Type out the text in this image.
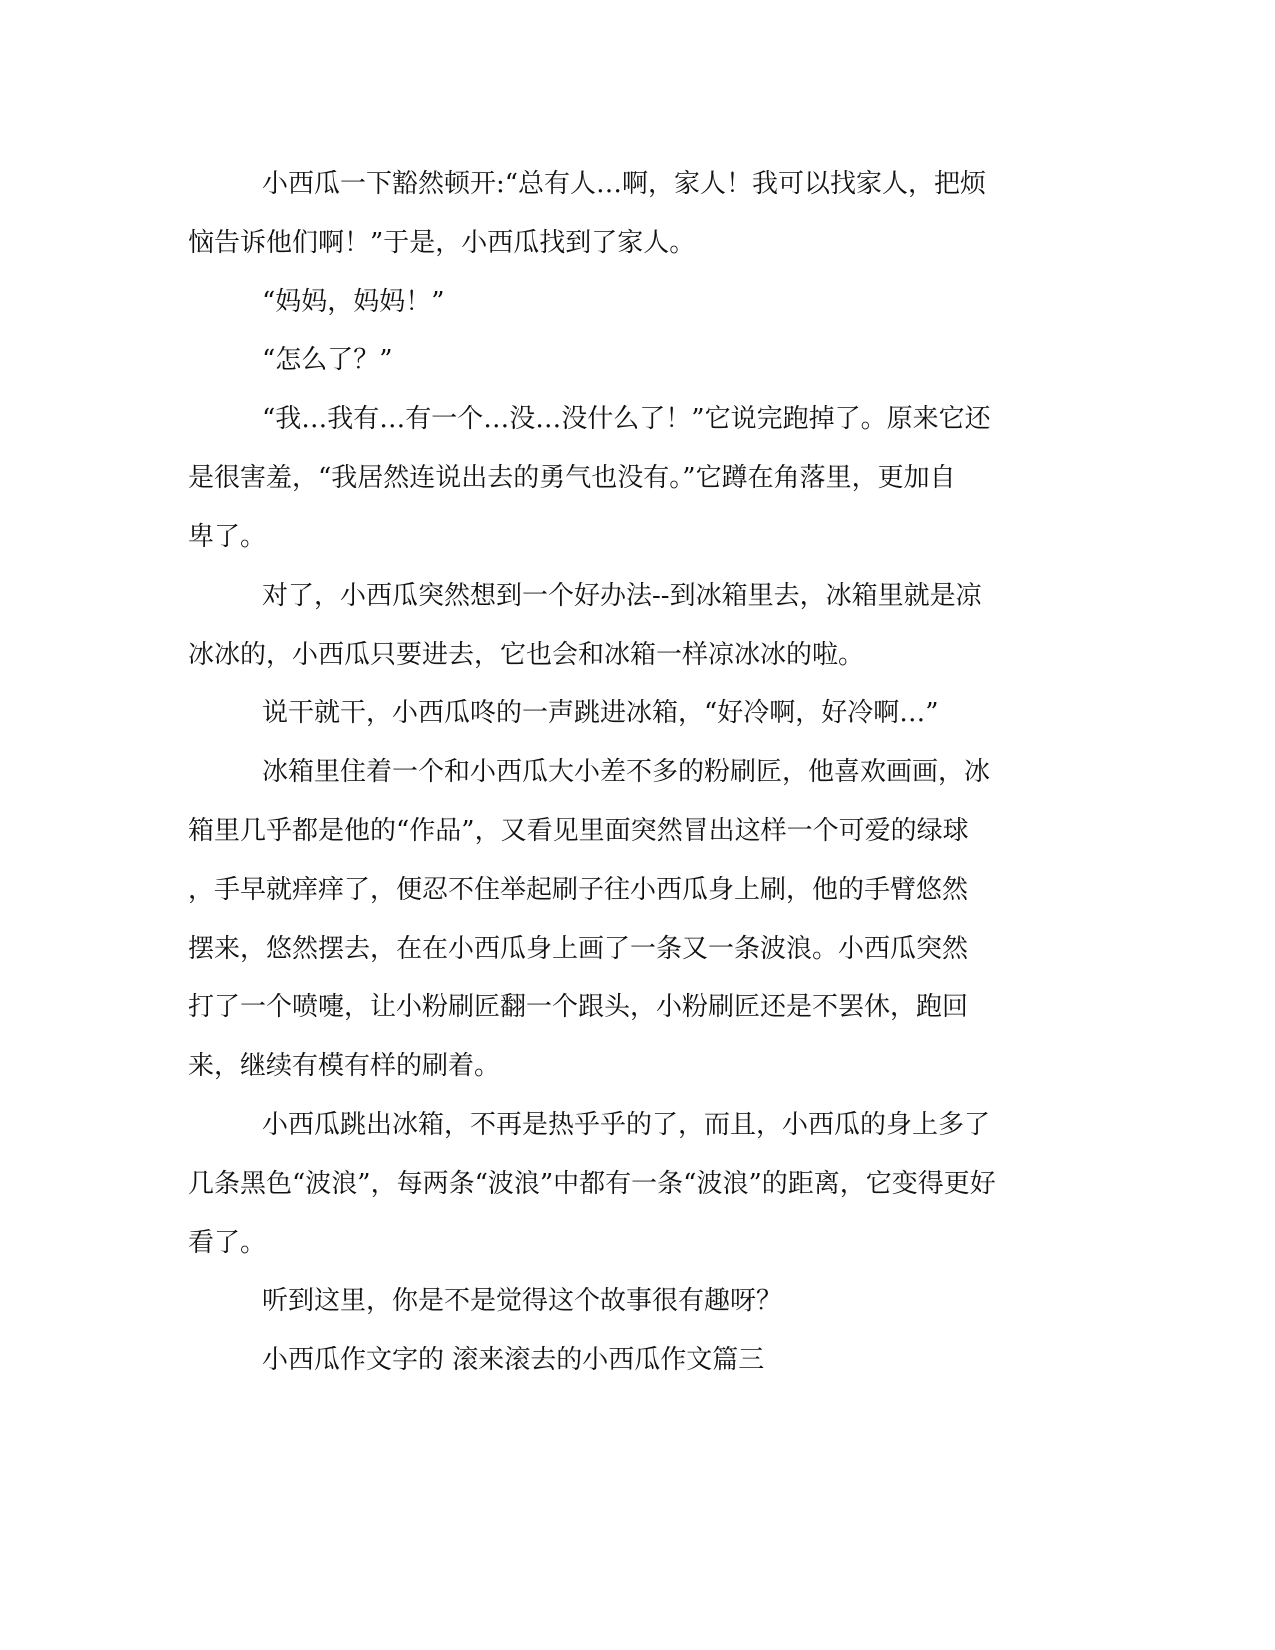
小西瓜一下豁然顿开:“总有人…啊，家人！我可以找家人，把烦

恼告诉他们啊！”于是，小西瓜找到了家人。

“妈妈，妈妈！”

“怎么了？”

“我…我有…有一个…没…没什么了！”它说完跑掉了。原来它还

是很害羞，“我居然连说出去的勇气也没有。”它蹲在角落里，更加自

卑了。

对了，小西瓜突然想到一个好办法--到冰箱里去，冰箱里就是凉

冰冰的，小西瓜只要进去，它也会和冰箱一样凉冰冰的啦。

说干就干，小西瓜咚的一声跳进冰箱，“好冷啊，好冷啊…”

冰箱里住着一个和小西瓜大小差不多的粉刷匠，他喜欢画画，冰

箱里几乎都是他的“作品”，又看见里面突然冒出这样一个可爱的绿球

，手早就痒痒了，便忍不住举起刷子往小西瓜身上刷，他的手臂悠然

摆来，悠然摆去，在在小西瓜身上画了一条又一条波浪。小西瓜突然

打了一个喷嚏，让小粉刷匠翻一个跟头，小粉刷匠还是不罢休，跑回

来，继续有模有样的刷着。

小西瓜跳出冰箱，不再是热乎乎的了，而且，小西瓜的身上多了

几条黑色“波浪”，每两条“波浪”中都有一条“波浪”的距离，它变得更好

看了。

听到这里，你是不是觉得这个故事很有趣呀？

小西瓜作文字的 滚来滚去的小西瓜作文篇三
